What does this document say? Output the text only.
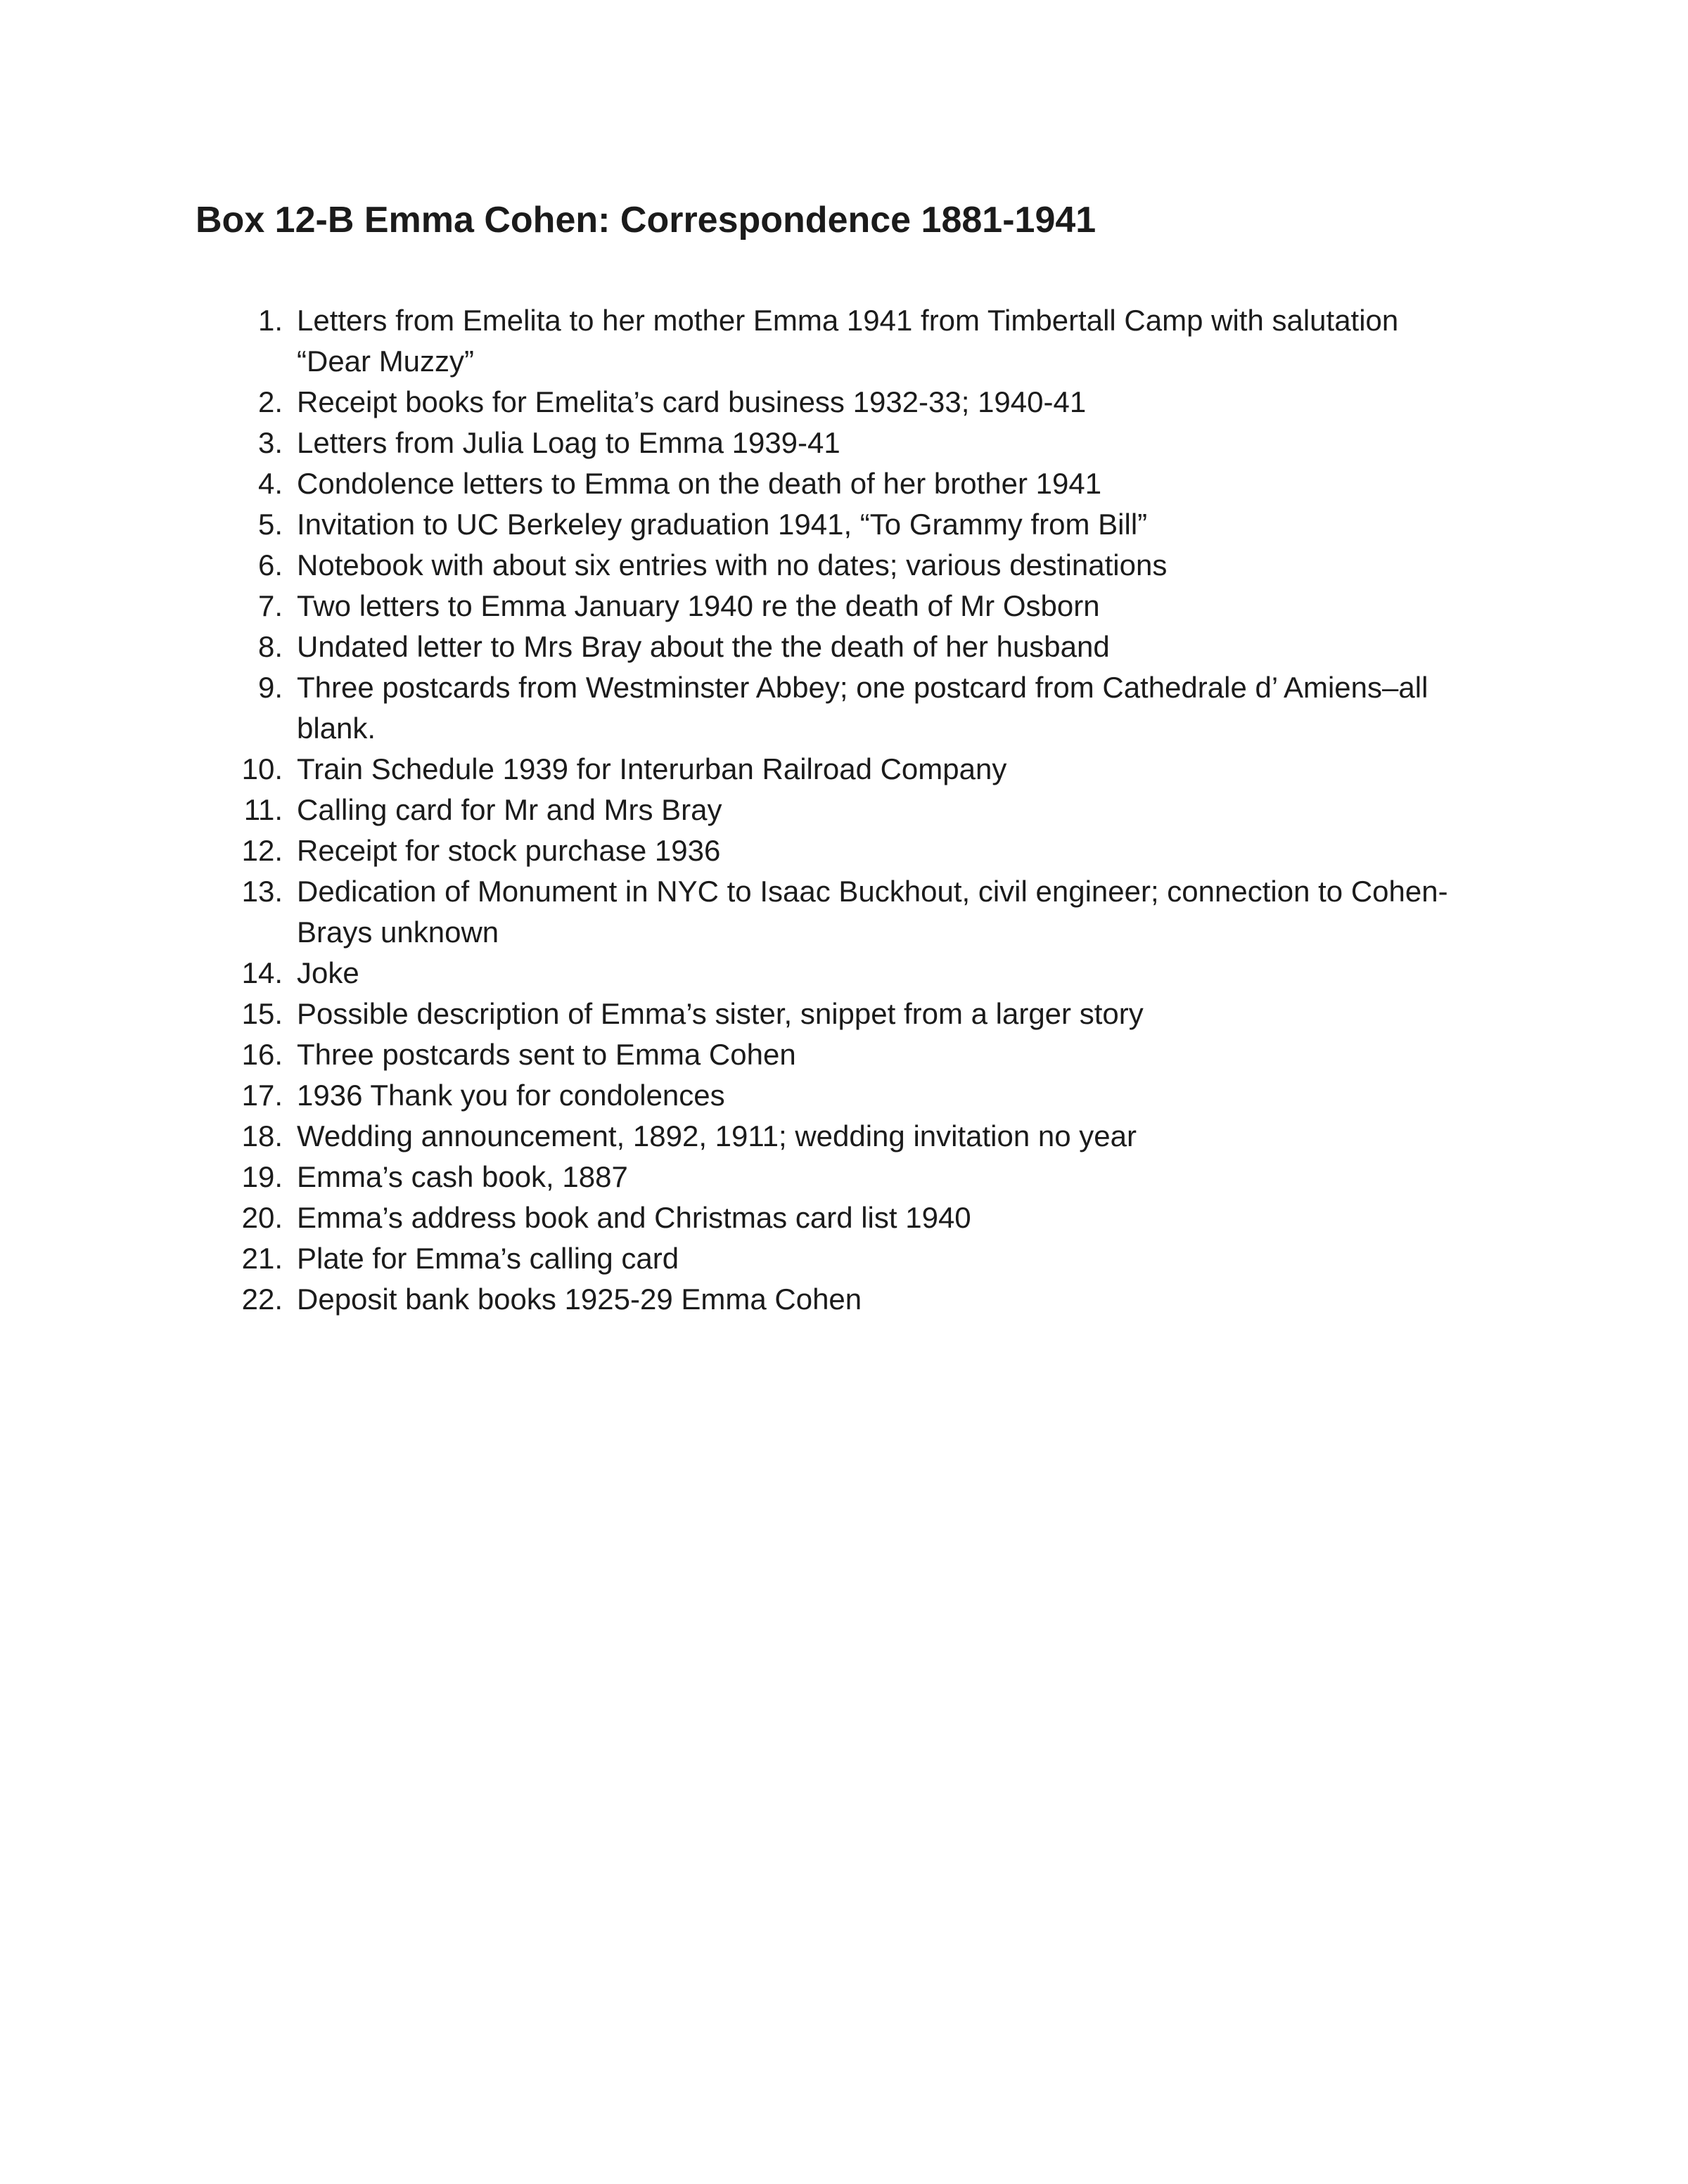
Box 12-B Emma Cohen: Correspondence 1881-1941
1. Letters from Emelita to her mother Emma 1941 from Timbertall Camp with salutation “Dear Muzzy”
2. Receipt books for Emelita’s card business 1932-33; 1940-41
3. Letters from Julia Loag to Emma 1939-41
4. Condolence letters to Emma on the death of her brother 1941
5. Invitation to UC Berkeley graduation 1941, “To Grammy from Bill”
6. Notebook with about six entries with no dates; various destinations
7. Two letters to Emma January 1940 re the death of Mr Osborn
8. Undated letter to Mrs Bray about the the death of her husband
9. Three postcards from Westminster Abbey; one postcard from Cathedrale d’ Amiens–all blank.
10. Train Schedule 1939 for Interurban Railroad Company
11. Calling card for Mr and Mrs Bray
12. Receipt for stock purchase 1936
13. Dedication of Monument in NYC to Isaac Buckhout, civil engineer; connection to Cohen-Brays unknown
14. Joke
15. Possible description of Emma’s sister, snippet from a larger story
16. Three postcards sent to Emma Cohen
17. 1936 Thank you for condolences
18. Wedding announcement, 1892, 1911; wedding invitation no year
19. Emma’s cash book, 1887
20. Emma’s address book and Christmas card list 1940
21. Plate for Emma’s calling card
22. Deposit bank books 1925-29 Emma Cohen
